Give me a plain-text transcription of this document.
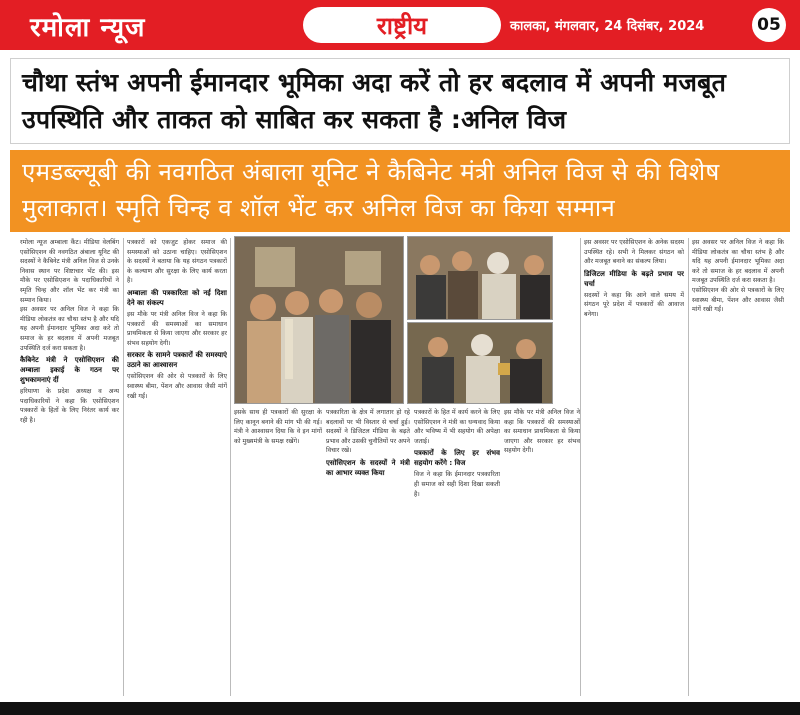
रमोला न्यूज	राष्ट्रीय	कालका, मंगलवार, 24 दिसंबर, 2024	05
चौथा स्तंभ अपनी ईमानदार भूमिका अदा करें तो हर बदलाव में अपनी मजबूत उपस्थिति और ताकत को साबित कर सकता है :अनिल विज
एमडब्ल्यूबी की नवगठित अंबाला यूनिट ने कैबिनेट मंत्री अनिल विज से की विशेष मुलाकात। स्मृति चिन्ह व शॉल भेंट कर अनिल विज का किया सम्मान

रमोला न्यूज अम्बाला कैंट। मीडिया वेलबिंग एसोसिएशन की नवगठित अंबाला यूनिट की सदस्यों ने कैबिनेट मंत्री अनिल विज से उनके निवास स्थान पर शिष्टाचार भेंट की। इस मौके पर एसोसिएशन के पदाधिकारियों ने स्मृति चिन्ह और शॉल भेंट कर मंत्री का सम्मान किया।

इस अवसर पर अनिल विज ने कहा कि मीडिया लोकतंत्र का चौथा स्तंभ है और यदि यह अपनी ईमानदार भूमिका अदा करे तो समाज के हर बदलाव में अपनी मजबूत उपस्थिति दर्ज करा सकता है।

कैबिनेट मंत्री ने एसोसिएशन की अम्बाला इकाई के गठन पर शुभकामनाएं दीं

हरियाणा के प्रदेश अध्यक्ष व अन्य पदाधिकारियों ने कहा कि एसोसिएशन पत्रकारों के हितों के लिए निरंतर कार्य कर रही है।

पत्रकारों को एकजुट होकर समाज की समस्याओं को उठाना चाहिए। एसोसिएशन के सदस्यों ने बताया कि यह संगठन पत्रकारों के कल्याण और सुरक्षा के लिए कार्य करता है।

अम्बाला की पत्रकारिता को नई दिशा देने का संकल्प

इस मौके पर मंत्री अनिल विज ने कहा कि पत्रकारों की समस्याओं का समाधान प्राथमिकता से किया जाएगा और सरकार हर संभव सहयोग देगी।

सरकार के सामने पत्रकारों की समस्याएं उठाने का आश्वासन

एसोसिएशन की ओर से पत्रकारों के लिए स्वास्थ्य बीमा, पेंशन और आवास जैसी मांगें रखी गईं।

इसके साथ ही पत्रकारों की सुरक्षा के लिए कानून बनाने की मांग भी की गई। मंत्री ने आश्वासन दिया कि वे इन मांगों को मुख्यमंत्री के समक्ष रखेंगे।

पत्रकारिता के क्षेत्र में लगातार हो रहे बदलावों पर भी विस्तार से चर्चा हुई। सदस्यों ने डिजिटल मीडिया के बढ़ते प्रभाव और उसकी चुनौतियों पर अपने विचार रखे।

एसोसिएशन के सदस्यों ने मंत्री का आभार व्यक्त किया

पत्रकारों के हित में कार्य करने के लिए एसोसिएशन ने मंत्री का धन्यवाद किया और भविष्य में भी सहयोग की अपेक्षा जताई।

पत्रकारों के लिए हर संभव सहयोग करेंगे : विज

विज ने कहा कि ईमानदार पत्रकारिता ही समाज को सही दिशा दिखा सकती है।

इस अवसर पर एसोसिएशन के अनेक सदस्य उपस्थित रहे। सभी ने मिलकर संगठन को और मजबूत बनाने का संकल्प लिया।

डिजिटल मीडिया के बढ़ते प्रभाव पर चर्चा

सदस्यों ने कहा कि आने वाले समय में संगठन पूरे प्रदेश में पत्रकारों की आवाज बनेगा।

इस अवसर पर अनिल विज ने कहा कि मीडिया लोकतंत्र का चौथा स्तंभ है और यदि यह अपनी ईमानदार भूमिका अदा करे तो समाज के हर बदलाव में अपनी मजबूत उपस्थिति दर्ज करा सकता है।

एसोसिएशन की ओर से पत्रकारों के लिए स्वास्थ्य बीमा, पेंशन और आवास जैसी मांगें रखी गईं।

इस मौके पर मंत्री अनिल विज ने कहा कि पत्रकारों की समस्याओं का समाधान प्राथमिकता से किया जाएगा और सरकार हर संभव सहयोग देगी।
